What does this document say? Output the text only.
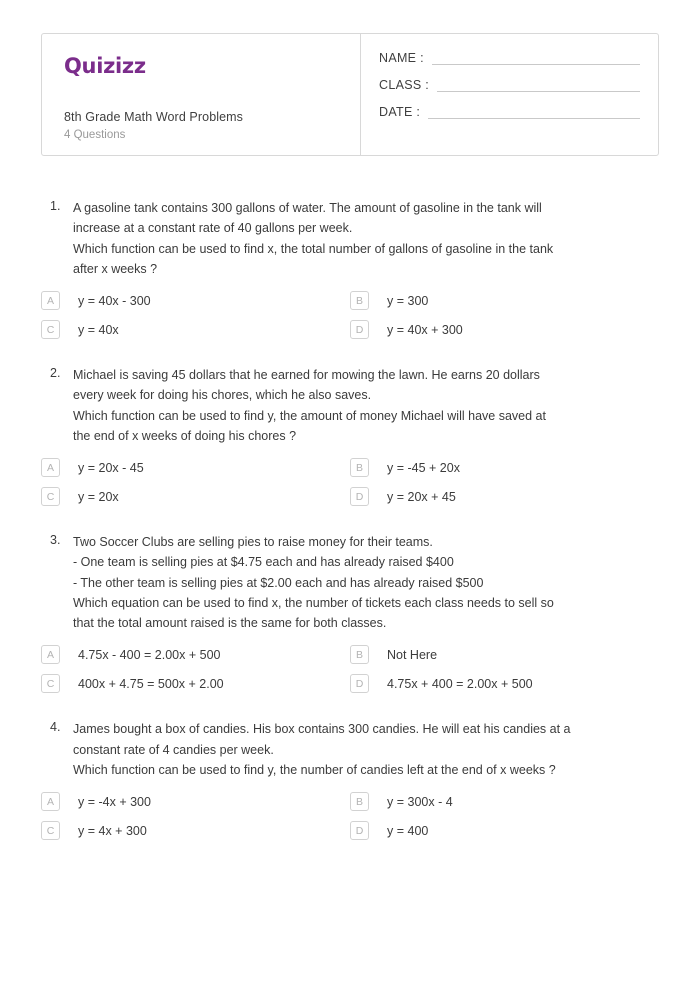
Quizizz
8th Grade Math Word Problems
4 Questions
NAME :
CLASS :
DATE :
1.	A gasoline tank contains 300 gallons of water. The amount of gasoline in the tank will
increase at a constant rate of 40 gallons per week.
Which function can be used to find x, the total number of gallons of gasoline in the tank
after x weeks ?
A	y = 40x - 300	B	y = 300
C	y = 40x	D	y = 40x + 300
2.	Michael is saving 45 dollars that he earned for mowing the lawn. He earns 20 dollars
every week for doing his chores, which he also saves.
Which function can be used to find y, the amount of money Michael will have saved at
the end of x weeks of doing his chores ?
A	y = 20x - 45	B	y = -45 + 20x
C	y = 20x	D	y = 20x + 45
3.	Two Soccer Clubs are selling pies to raise money for their teams.
- One team is selling pies at $4.75 each and has already raised $400
- The other team is selling pies at $2.00 each and has already raised $500
Which equation can be used to find x, the number of tickets each class needs to sell so
that the total amount raised is the same for both classes.
A	4.75x - 400 = 2.00x + 500	B	Not Here
C	400x + 4.75 = 500x + 2.00	D	4.75x + 400 = 2.00x + 500
4.	James bought a box of candies. His box contains 300 candies. He will eat his candies at a
constant rate of 4 candies per week.
Which function can be used to find y, the number of candies left at the end of x weeks ?
A	y = -4x + 300	B	y = 300x - 4
C	y = 4x + 300	D	y = 400
